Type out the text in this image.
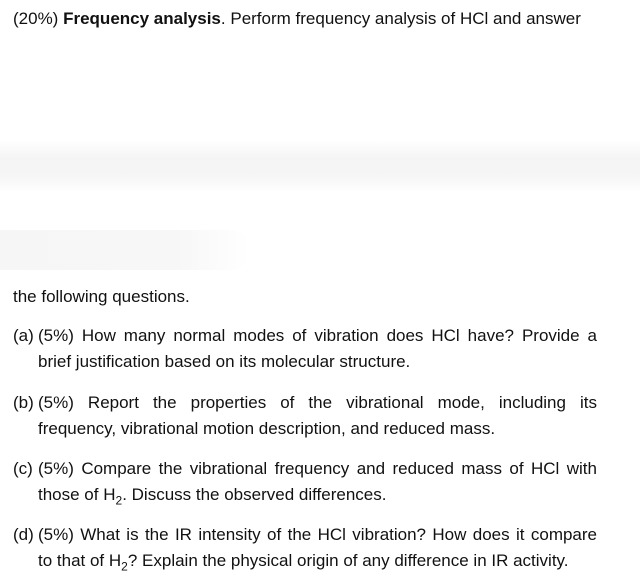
(20%) Frequency analysis. Perform frequency analysis of HCl and answer
the following questions.
(a) (5%) How many normal modes of vibration does HCl have? Provide a
brief justification based on its molecular structure.
(b) (5%) Report the properties of the vibrational mode, including its
frequency, vibrational motion description, and reduced mass.
(c) (5%) Compare the vibrational frequency and reduced mass of HCl with
those of $H_2$. Discuss the observed differences.
(d) (5%) What is the IR intensity of the HCl vibration? How does it compare
to that of $H_2$? Explain the physical origin of any difference in IR activity.
